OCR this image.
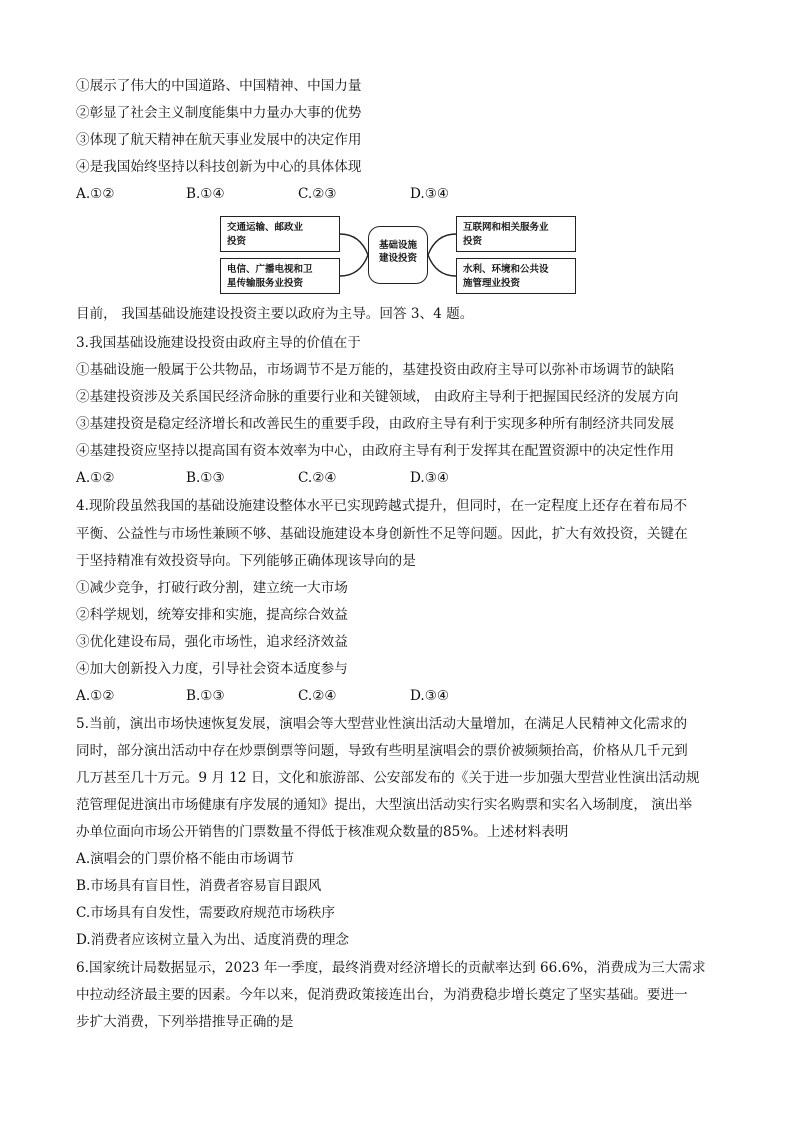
①展示了伟大的中国道路、中国精神、中国力量
②彰显了社会主义制度能集中力量办大事的优势
③体现了航天精神在航天事业发展中的决定作用
④是我国始终坚持以科技创新为中心的具体体现
A.①②	B.①④	C.②③	D.③④
交通运输、邮政业
投资
电信、广播电视和卫
星传输服务业投资
基础设施
建设投资
互联网和相关服务业
投资
水利、环境和公共设
施管理业投资
目前， 我国基础设施建设投资主要以政府为主导。回答 3、4 题。
3.我国基础设施建设投资由政府主导的价值在于
①基础设施一般属于公共物品，市场调节不是万能的，基建投资由政府主导可以弥补市场调节的缺陷
②基建投资涉及关系国民经济命脉的重要行业和关键领域， 由政府主导利于把握国民经济的发展方向
③基建投资是稳定经济增长和改善民生的重要手段，由政府主导有利于实现多种所有制经济共同发展
④基建投资应坚持以提高国有资本效率为中心，由政府主导有利于发挥其在配置资源中的决定性作用
A.①②	B.①③	C.②④	D.③④
4.现阶段虽然我国的基础设施建设整体水平已实现跨越式提升，但同时，在一定程度上还存在着布局不
平衡、公益性与市场性兼顾不够、基础设施建设本身创新性不足等问题。因此，扩大有效投资，关键在
于坚持精准有效投资导向。下列能够正确体现该导向的是
①减少竞争，打破行政分割，建立统一大市场
②科学规划，统筹安排和实施，提高综合效益
③优化建设布局，强化市场性，追求经济效益
④加大创新投入力度，引导社会资本适度参与
A.①②	B.①③	C.②④	D.③④
5.当前，演出市场快速恢复发展，演唱会等大型营业性演出活动大量增加，在满足人民精神文化需求的
同时，部分演出活动中存在炒票倒票等问题，导致有些明星演唱会的票价被频频抬高，价格从几千元到
几万甚至几十万元。9 月 12 日，文化和旅游部、公安部发布的《关于进一步加强大型营业性演出活动规
范管理促进演出市场健康有序发展的通知》提出，大型演出活动实行实名购票和实名入场制度， 演出举
办单位面向市场公开销售的门票数量不得低于核准观众数量的85%。上述材料表明
A.演唱会的门票价格不能由市场调节
B.市场具有盲目性，消费者容易盲目跟风
C.市场具有自发性，需要政府规范市场秩序
D.消费者应该树立量入为出、适度消费的理念
6.国家统计局数据显示，2023 年一季度，最终消费对经济增长的贡献率达到 66.6%，消费成为三大需求
中拉动经济最主要的因素。今年以来，促消费政策接连出台，为消费稳步增长奠定了坚实基础。要进一
步扩大消费，下列举措推导正确的是
